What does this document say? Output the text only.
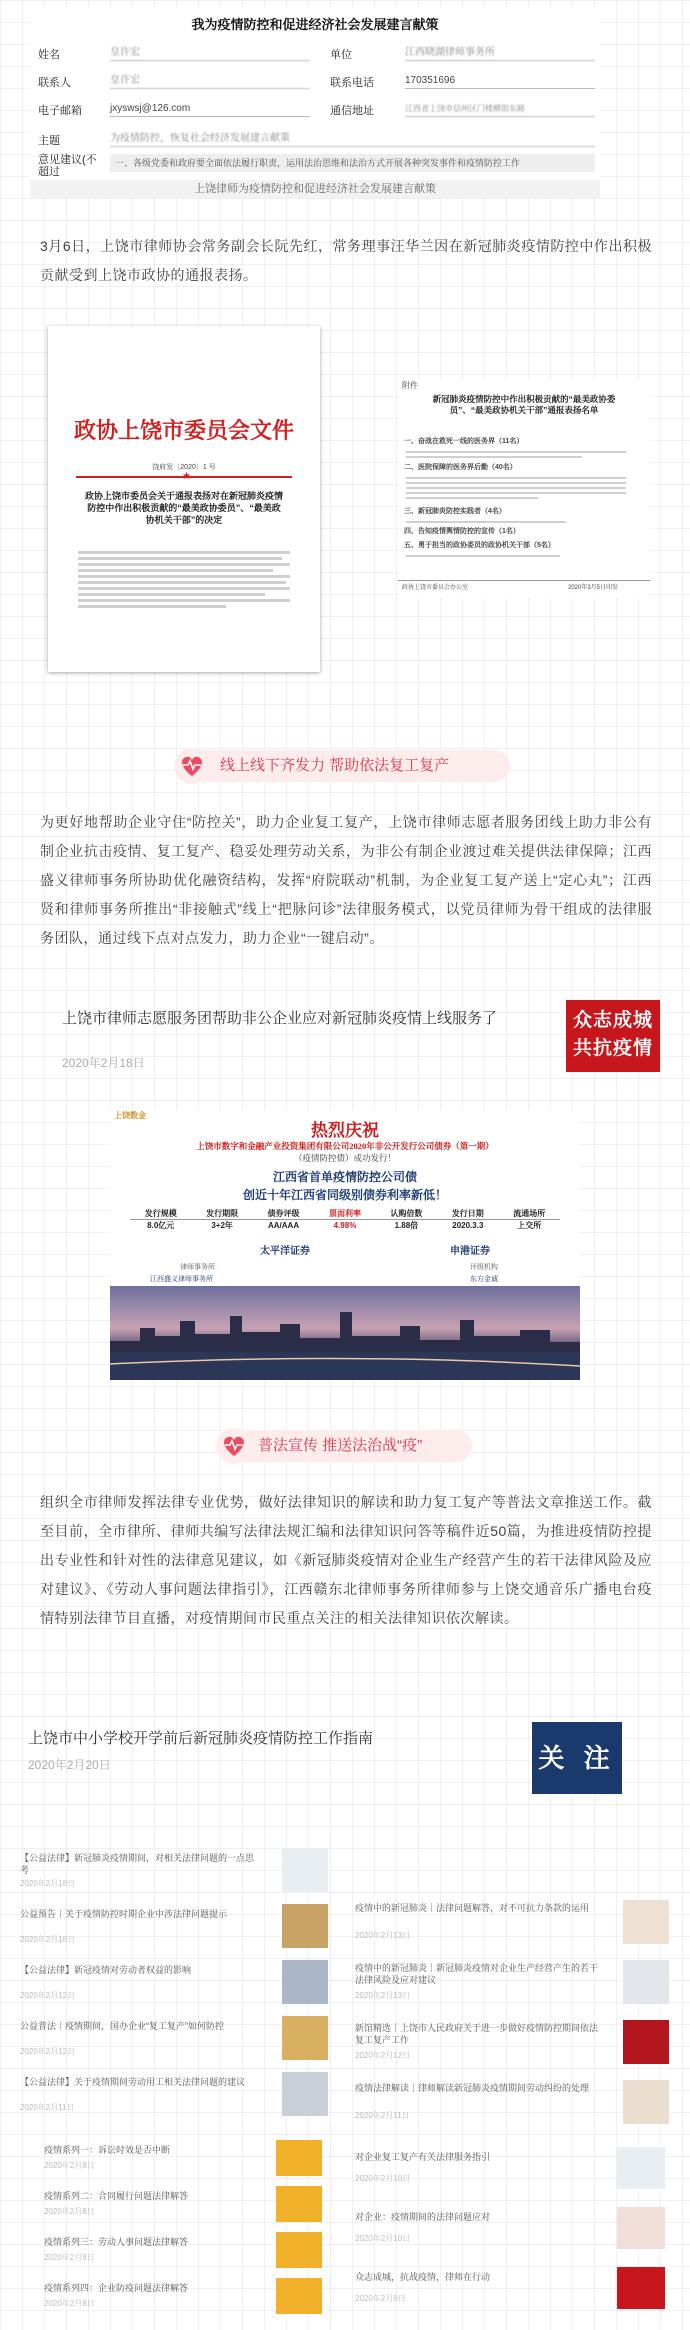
我为疫情防控和促进经济社会发展建言献策
姓名	皇许宏	单位	江西晓湖律师事务所
联系人	皇许宏	联系电话	170351696
电子邮箱	jxyswsj@126.com	通信地址	江西省上饶市信州区门楼横街东路
主题	为疫情防控，恢复社会经济发展建言献策
意见建议(不超过
一、各级党委和政府要全面依法履行职责，运用法治思维和法治方式开展各种突发事件和疫情防控工作
上饶律师为疫情防控和促进经济社会发展建言献策
3月6日，上饶市律师协会常务副会长阮先红，常务理事汪华兰因在新冠肺炎疫情防控中作出积极贡献受到上饶市政协的通报表扬。
政协上饶市委员会文件
饶府发〔2020〕1 号
★
政协上饶市委员会关于通报表扬对在新冠肺炎疫情防控中作出积极贡献的“最美政协委员”、“最美政协机关干部”的决定
附件
新冠肺炎疫情防控中作出积极贡献的“最美政协委员”、“最美政协机关干部”通报表扬名单
一、奋战在救死一线的医务界（11名）
二、医院保障的医务界后勤（40名）
三、新冠肺炎防控实践者（4名）
四、告知疫情舆情防控的宣传（1名）
五、勇于担当的政协委员的政协机关干部（5名）
政协上饶市委员会办公室	2020年3月5日印发
线上线下齐发力 帮助依法复工复产
为更好地帮助企业守住“防控关”，助力企业复工复产，上饶市律师志愿者服务团线上助力非公有制企业抗击疫情、复工复产、稳妥处理劳动关系，为非公有制企业渡过难关提供法律保障；江西盛义律师事务所协助优化融资结构，发挥“府院联动”机制，为企业复工复产送上“定心丸”；江西贤和律师事务所推出“非接触式”线上“把脉问诊”法律服务模式，以党员律师为骨干组成的法律服务团队，通过线下点对点发力，助力企业“一键启动”。
上饶市律师志愿服务团帮助非公企业应对新冠肺炎疫情上线服务了
2020年2月18日
众志成城 共抗疫情
上饶数金
热烈庆祝
上饶市数字和金融产业投资集团有限公司2020年非公开发行公司债券（第一期）
（疫情防控债）成功发行！
江西省首单疫情防控公司债
创近十年江西省同级别债券利率新低！
发行规模	发行期限	债券评级	票面利率	认购倍数	发行日期	流通场所
8.0亿元	3+2年	AA/AAA	4.98%	1.88倍	2020.3.3	上交所
太平洋证券	申港证券
律师事务所
江西盛义律师事务所
评级机构
东方金诚
普法宣传 推送法治战“疫”
组织全市律师发挥法律专业优势，做好法律知识的解读和助力复工复产等普法文章推送工作。截至目前，全市律所、律师共编写法律法规汇编和法律知识问答等稿件近50篇，为推进疫情防控提出专业性和针对性的法律意见建议，如《新冠肺炎疫情对企业生产经营产生的若干法律风险及应对建议》、《劳动人事问题法律指引》，江西赣东北律师事务所律师参与上饶交通音乐广播电台疫情特别法律节目直播，对疫情期间市民重点关注的相关法律知识依次解读。
上饶市中小学校开学前后新冠肺炎疫情防控工作指南
2020年2月20日	关 注
【公益法律】新冠肺炎疫情期间，对相关法律问题的一点思考
2020年2月18日
公益预告｜关于疫情防控时期企业中涉法律问题提示
2020年2月18日
【公益法律】新冠疫情对劳动者权益的影响
2020年2月12日
公益普法｜疫情期间，国办企业“复工复产”如何防控
2020年2月12日
【公益法律】关于疫情期间劳动用工相关法律问题的建议
2020年2月11日
疫情中的新冠肺炎｜法律问题解答，对不可抗力条款的运用
2020年2月13日
疫情中的新冠肺炎｜新冠肺炎疫情对企业生产经营产生的若干法律风险及应对建议
2020年2月13日
新馆精选｜上饶市人民政府关于进一步做好疫情防控期间依法复工复产工作
2020年2月12日
疫情法律解读｜律师解读新冠肺炎疫情期间劳动纠纷的处理
2020年2月11日
疫情系列一：诉讼时效是否中断
2020年2月8日
疫情系列二：合同履行问题法律解答
2020年2月8日
疫情系列三：劳动人事问题法律解答
2020年2月8日
疫情系列四：企业防疫问题法律解答
2020年2月8日
对企业复工复产有关法律服务指引
2020年2月10日
对企业：疫情期间的法律问题应对
2020年2月10日
众志成城，抗战疫情，律师在行动
2020年2月8日
